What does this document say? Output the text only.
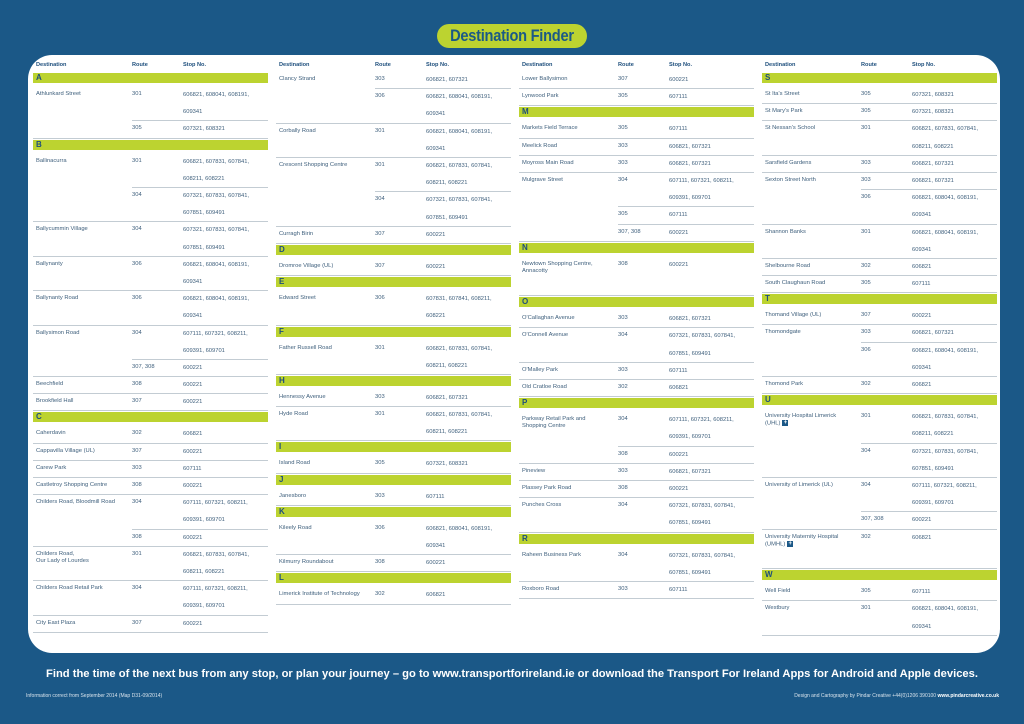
Destination Finder
Destination	Route	Stop No.
A
Athlunkard Street	301	606821, 608041, 608191,
609341
305	607321, 608321
B
Ballinacurra	301	606821, 607831, 607841,
608211, 608221
304	607321, 607831, 607841,
607851, 609491
Ballycummin Village	304	607321, 607831, 607841,
607851, 609491
Ballynanty	306	606821, 608041, 608191,
609341
Ballynanty Road	306	606821, 608041, 608191,
609341
Ballysimon Road	304	607111, 607321, 608211,
609391, 609701
307, 308	600221
Beechfield	308	600221
Brookfield Hall	307	600221
C
Caherdavin	302	606821
Cappavilla Village (UL)	307	600221
Carew Park	303	607111
Castletroy Shopping Centre	308	600221
Childers Road, Bloodmill Road	304	607111, 607321, 608211,
609391, 609701
308	600221
Childers Road,
Our Lady of Lourdes
301	606821, 607831, 607841,
608211, 608221
Childers Road Retail Park	304	607111, 607321, 608211,
609391, 609701
City East Plaza	307	600221
Destination	Route	Stop No.
Clancy Strand	303	606821, 607321
306	606821, 608041, 608191,
609341
Corbally Road	301	606821, 608041, 608191,
609341
Crescent Shopping Centre	301	606821, 607831, 607841,
608211, 608221
304	607321, 607831, 607841,
607851, 609491
Curragh Birin	307	600221
D
Dromroe Village (UL)	307	600221
E
Edward Street	306	607831, 607841, 608211,
608221
F
Father Russell Road	301	606821, 607831, 607841,
608211, 608221
H
Hennessy Avenue	303	606821, 607321
Hyde Road	301	606821, 607831, 607841,
608211, 608221
I
Island Road	305	607321, 608321
J
Janesboro	303	607111
K
Kileely Road	306	606821, 608041, 608191,
609341
Kilmurry Roundabout	308	600221
L
Limerick Institute of Technology	302	606821
Destination	Route	Stop No.
Lower Ballysimon	307	600221
Lynwood Park	305	607111
M
Markets Field Terrace	305	607111
Meelick Road	303	606821, 607321
Moyross Main Road	303	606821, 607321
Mulgrave Street	304	607111, 607321, 608211,
609391, 609701
305	607111
307, 308	600221
N
Newtown Shopping Centre,
Annacotty
308	600221
O
O'Callaghan Avenue	303	606821, 607321
O'Connell Avenue	304	607321, 607831, 607841,
607851, 609491
O'Malley Park	303	607111
Old Cratloe Road	302	606821
P
Parkway Retail Park and
Shopping Centre
304	607111, 607321, 608211,
609391, 609701
308	600221
Pineview	303	606821, 607321
Plassey Park Road	308	600221
Punches Cross	304	607321, 607831, 607841,
607851, 609491
R
Raheen Business Park	304	607321, 607831, 607841,
607851, 609491
Roxboro Road	303	607111
Destination	Route	Stop No.
S
St Ita's Street	305	607321, 608321
St Mary's Park	305	607321, 608321
St Nessan's School	301	606821, 607831, 607841,
608211, 608221
Sarsfield Gardens	303	606821, 607321
Sexton Street North	303	606821, 607321
306	606821, 608041, 608191,
609341
Shannon Banks	301	606821, 608041, 608191,
609341
Shelbourne Road	302	606821
South Claughaun Road	305	607111
T
Thomand Village (UL)	307	600221
Thomondgate	303	606821, 607321
306	606821, 608041, 608191,
609341
Thomond Park	302	606821
U
University Hospital Limerick
(UHL) +
301	606821, 607831, 607841,
608211, 608221
304	607321, 607831, 607841,
607851, 609491
University of Limerick (UL)	304	607111, 607321, 608211,
609391, 609701
307, 308	600221
University Maternity Hospital
(UMHL) +
302	606821
W
Well Field	305	607111
Westbury	301	606821, 608041, 608191,
609341
Find the time of the next bus from any stop, or plan your journey – go to www.transportforireland.ie or download the Transport For Ireland Apps for Android and Apple devices.
Information correct from September 2014 (Map D31-09/2014)	Design and Cartography by Pindar Creative +44(0)1206 390100 www.pindarcreative.co.uk
